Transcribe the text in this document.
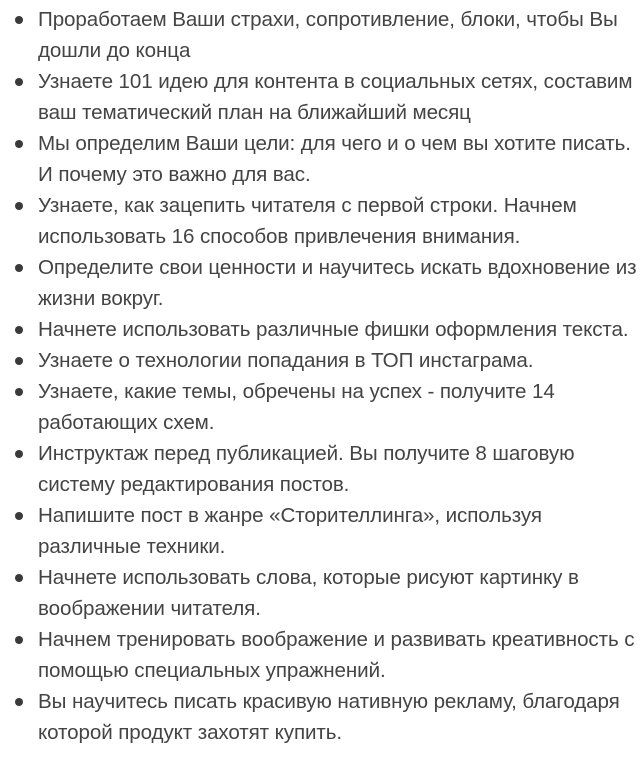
Проработаем Ваши страхи, сопротивление, блоки, чтобы Вы дошли до конца
Узнаете 101 идею для контента в социальных сетях, составим ваш тематический план на ближайший месяц
Мы определим Ваши цели: для чего и о чем вы хотите писать. И почему это важно для вас.
Узнаете, как зацепить читателя с первой строки. Начнем использовать 16 способов привлечения внимания.
Определите свои ценности и научитесь искать вдохновение из жизни вокруг.
Начнете использовать различные фишки оформления текста.
Узнаете о технологии попадания в ТОП инстаграма.
Узнаете, какие темы, обречены на успех - получите 14 работающих схем.
Инструктаж перед публикацией. Вы получите 8 шаговую систему редактирования постов.
Напишите пост в жанре «Сторителлинга», используя различные техники.
Начнете использовать слова, которые рисуют картинку в воображении читателя.
Начнем тренировать воображение и развивать креативность с помощью специальных упражнений.
Вы научитесь писать красивую нативную рекламу, благодаря которой продукт захотят купить.
